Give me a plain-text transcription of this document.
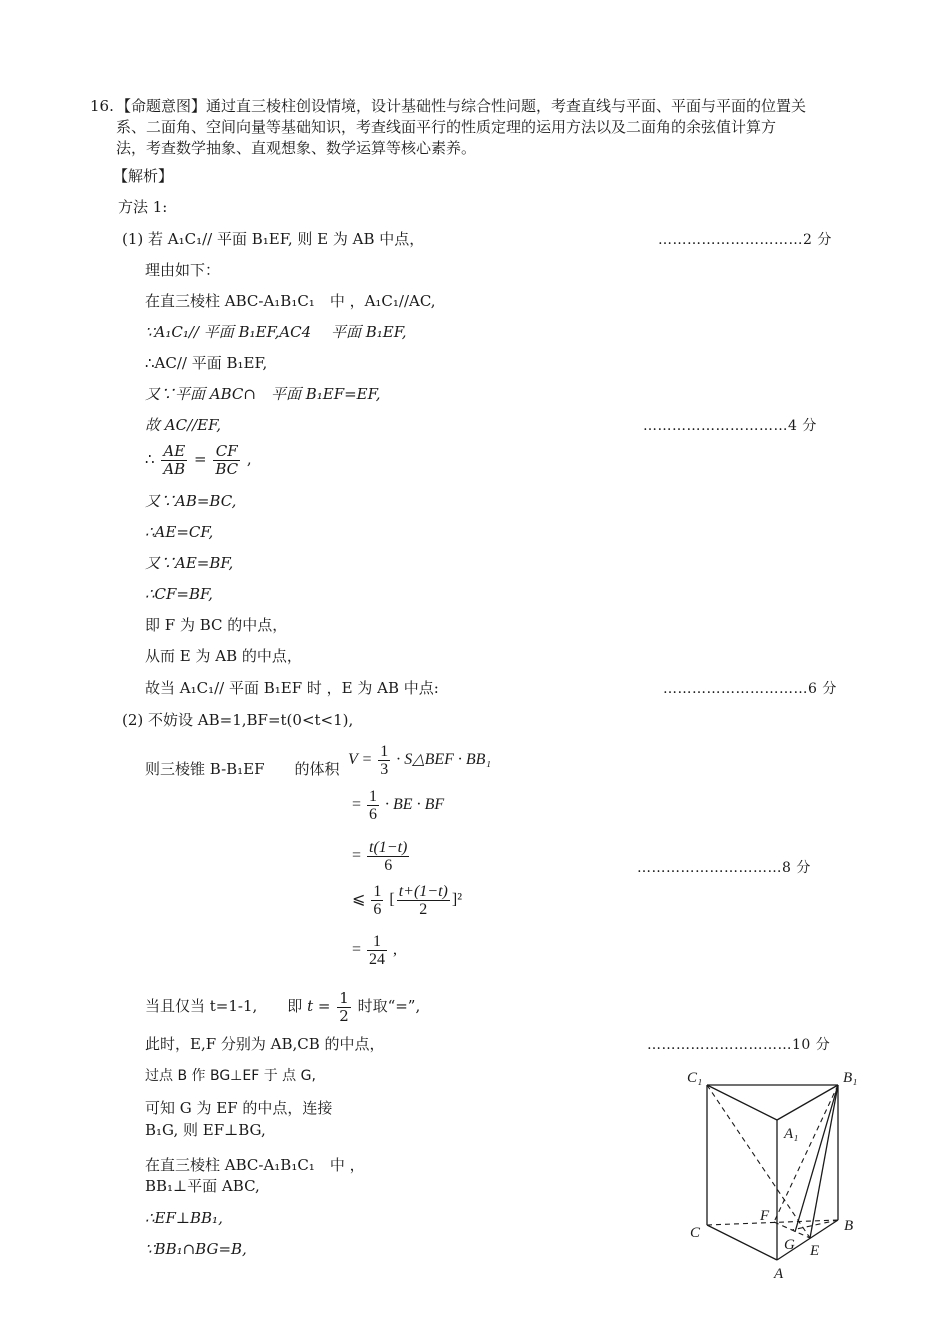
16. 【命题意图】通过直三棱柱创设情境，设计基础性与综合性问题，考查直线与平面、平面与平面的位置关
系、二面角、空间向量等基础知识，考查线面平行的性质定理的运用方法以及二面角的余弦值计算方
法，考查数学抽象、直观想象、数学运算等核心素养。
【解析】
方法 1:
(1) 若 A₁C₁// 平面 B₁EF, 则 E 为 AB 中点，	…………………………2 分
理由如下：
在直三棱柱 ABC-A₁B₁C₁　中 ，A₁C₁//AC,
∵A₁C₁// 平面 B₁EF,AC4　 平面 B₁EF,
∴AC// 平面 B₁EF,
又∵平面 ABC∩　平面 B₁EF=EF,
故 AC//EF,	…………………………4 分
∴ $\frac{AE}{AB} = \frac{CF}{BC}$ ,
又∵AB=BC,
∴AE=CF,
又∵AE=BF,
∴CF=BF,
即 F 为 BC 的中点，
从而 E 为 AB 的中点，
故当 A₁C₁// 平面 B₁EF 时 ，E 为 AB 中点:	…………………………6 分
(2) 不妨设 AB=1,BF=t(0<t<1),
则三棱锥 B-B₁EF　　的体积
$V = \frac{1}{3}$ · S△BEF · BB₁
= $\frac{1}{6}$ · BE · BF
= $\frac{t(1-t)}{6}$	…………………………8 分
⩽ $\frac{1}{6}$ [ $\frac{t+(1-t)}{2} ]^2$
= $\frac{1}{24}$ ,
当且仅当 t=1-1,　　即 $t = \frac{1}{2}$ 时取“=”,
此时，E,F 分别为 AB,CB 的中点，	…………………………10 分
过点 B 作 BG⊥EF 于 点 G,
可知 G 为 EF 的中点，连接
B₁G, 则 EF⊥BG,
在直三棱柱 ABC-A₁B₁C₁　中 ，
BB₁⊥平面 ABC,
∴EF⊥BB₁,
∵BB₁∩BG=B,
C₁	B₁
A₁
C	B
A
F
G E
